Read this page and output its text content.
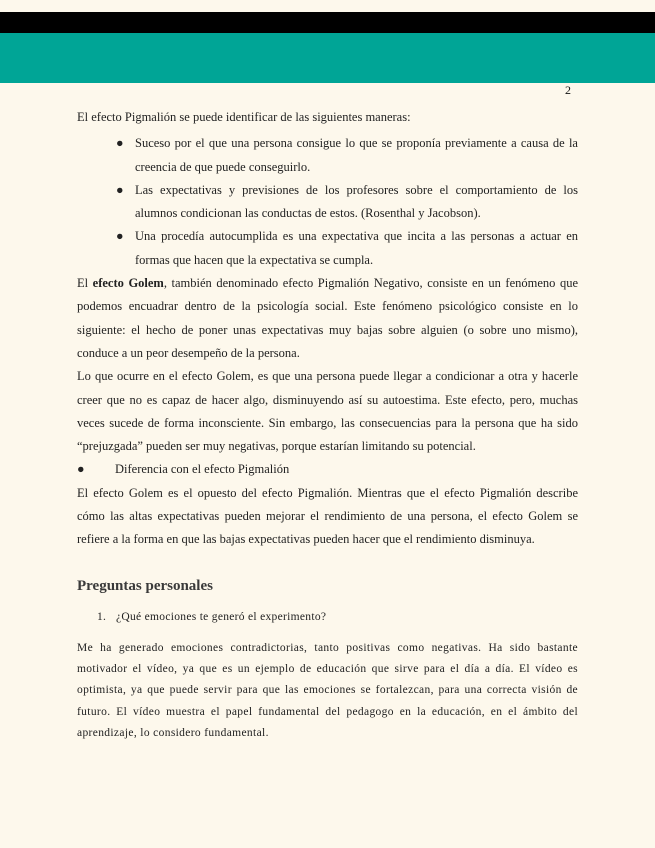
2

El efecto Pigmalión se puede identificar de las siguientes maneras:

● Suceso por el que una persona consigue lo que se proponía previamente a causa de la creencia de que puede conseguirlo.
● Las expectativas y previsiones de los profesores sobre el comportamiento de los alumnos condicionan las conductas de estos. (Rosenthal y Jacobson).
● Una procedía autocumplida es una expectativa que incita a las personas a actuar en formas que hacen que la expectativa se cumpla.

El efecto Golem, también denominado efecto Pigmalión Negativo, consiste en un fenómeno que podemos encuadrar dentro de la psicología social. Este fenómeno psicológico consiste en lo siguiente: el hecho de poner unas expectativas muy bajas sobre alguien (o sobre uno mismo), conduce a un peor desempeño de la persona.

Lo que ocurre en el efecto Golem, es que una persona puede llegar a condicionar a otra y hacerle creer que no es capaz de hacer algo, disminuyendo así su autoestima. Este efecto, pero, muchas veces sucede de forma inconsciente. Sin embargo, las consecuencias para la persona que ha sido “prejuzgada” pueden ser muy negativas, porque estarían limitando su potencial.

● Diferencia con el efecto Pigmalión

El efecto Golem es el opuesto del efecto Pigmalión. Mientras que el efecto Pigmalión describe cómo las altas expectativas pueden mejorar el rendimiento de una persona, el efecto Golem se refiere a la forma en que las bajas expectativas pueden hacer que el rendimiento disminuya.

Preguntas personales
1. ¿Qué emociones te generó el experimento?

Me ha generado emociones contradictorias, tanto positivas como negativas. Ha sido bastante motivador el vídeo, ya que es un ejemplo de educación que sirve para el día a día. El vídeo es optimista, ya que puede servir para que las emociones se fortalezcan, para una correcta visión de futuro. El vídeo muestra el papel fundamental del pedagogo en la educación, en el ámbito del aprendizaje, lo considero fundamental.
